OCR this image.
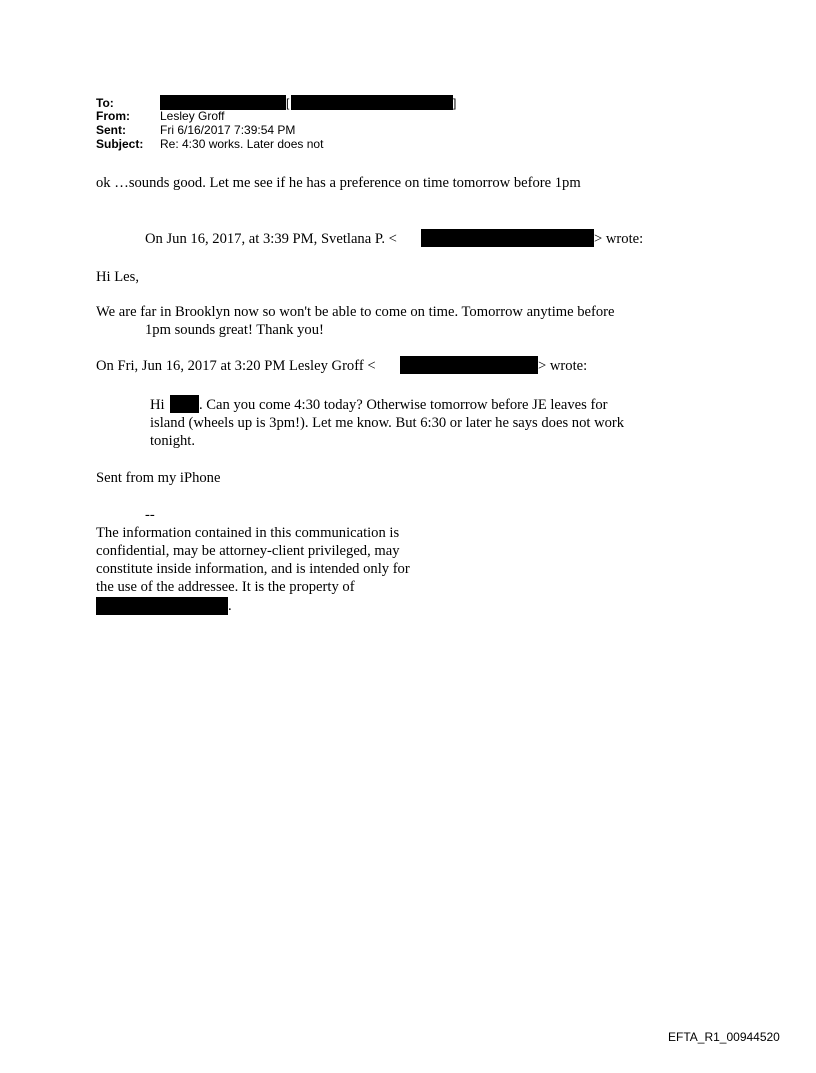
To:	[	]
From:	Lesley Groff
Sent:	Fri 6/16/2017 7:39:54 PM
Subject: Re: 4:30 works. Later does not
ok …sounds good. Let me see if he has a preference on time tomorrow before 1pm
On Jun 16, 2017, at 3:39 PM, Svetlana P. <	> wrote:
Hi Les,
We are far in Brooklyn now so won't be able to come on time. Tomorrow anytime before
1pm sounds great! Thank you!
On Fri, Jun 16, 2017 at 3:20 PM Lesley Groff <	> wrote:
Hi . Can you come 4:30 today? Otherwise tomorrow before JE leaves for
island (wheels up is 3pm!). Let me know. But 6:30 or later he says does not work
tonight.
Sent from my iPhone
--
The information contained in this communication is
confidential, may be attorney-client privileged, may
constitute inside information, and is intended only for
the use of the addressee. It is the property of
.
EFTA_R1_00944520
